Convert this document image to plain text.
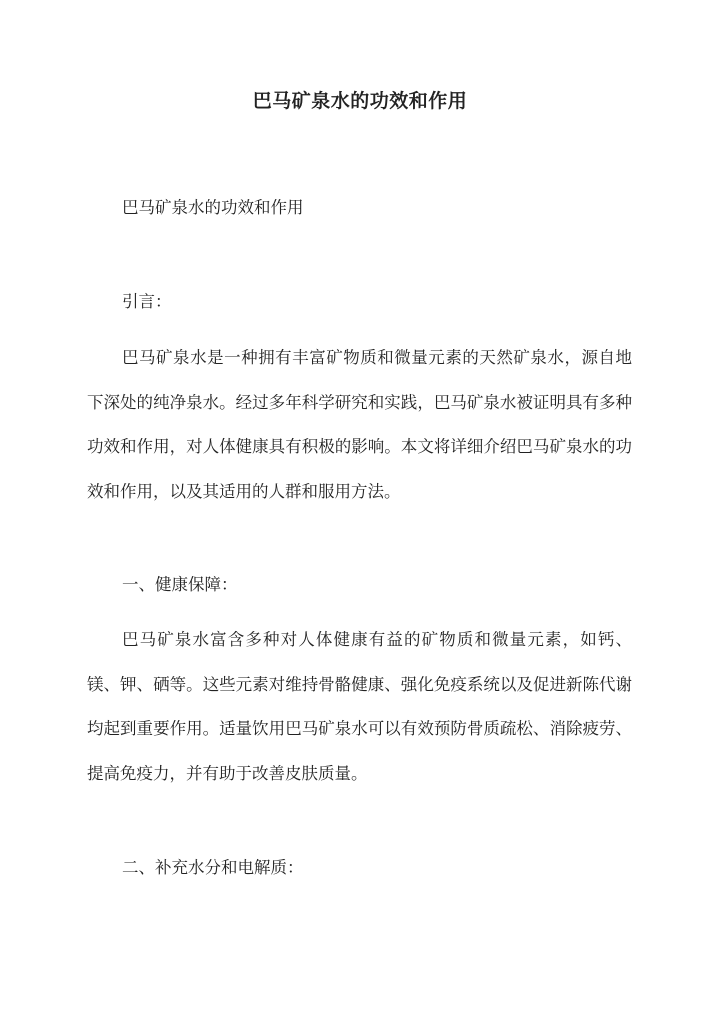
巴马矿泉水的功效和作用

巴马矿泉水的功效和作用

引言：

巴马矿泉水是一种拥有丰富矿物质和微量元素的天然矿泉水，源自地下深处的纯净泉水。经过多年科学研究和实践，巴马矿泉水被证明具有多种功效和作用，对人体健康具有积极的影响。本文将详细介绍巴马矿泉水的功效和作用，以及其适用的人群和服用方法。

一、健康保障：

巴马矿泉水富含多种对人体健康有益的矿物质和微量元素，如钙、镁、钾、硒等。这些元素对维持骨骼健康、强化免疫系统以及促进新陈代谢均起到重要作用。适量饮用巴马矿泉水可以有效预防骨质疏松、消除疲劳、提高免疫力，并有助于改善皮肤质量。

二、补充水分和电解质：
